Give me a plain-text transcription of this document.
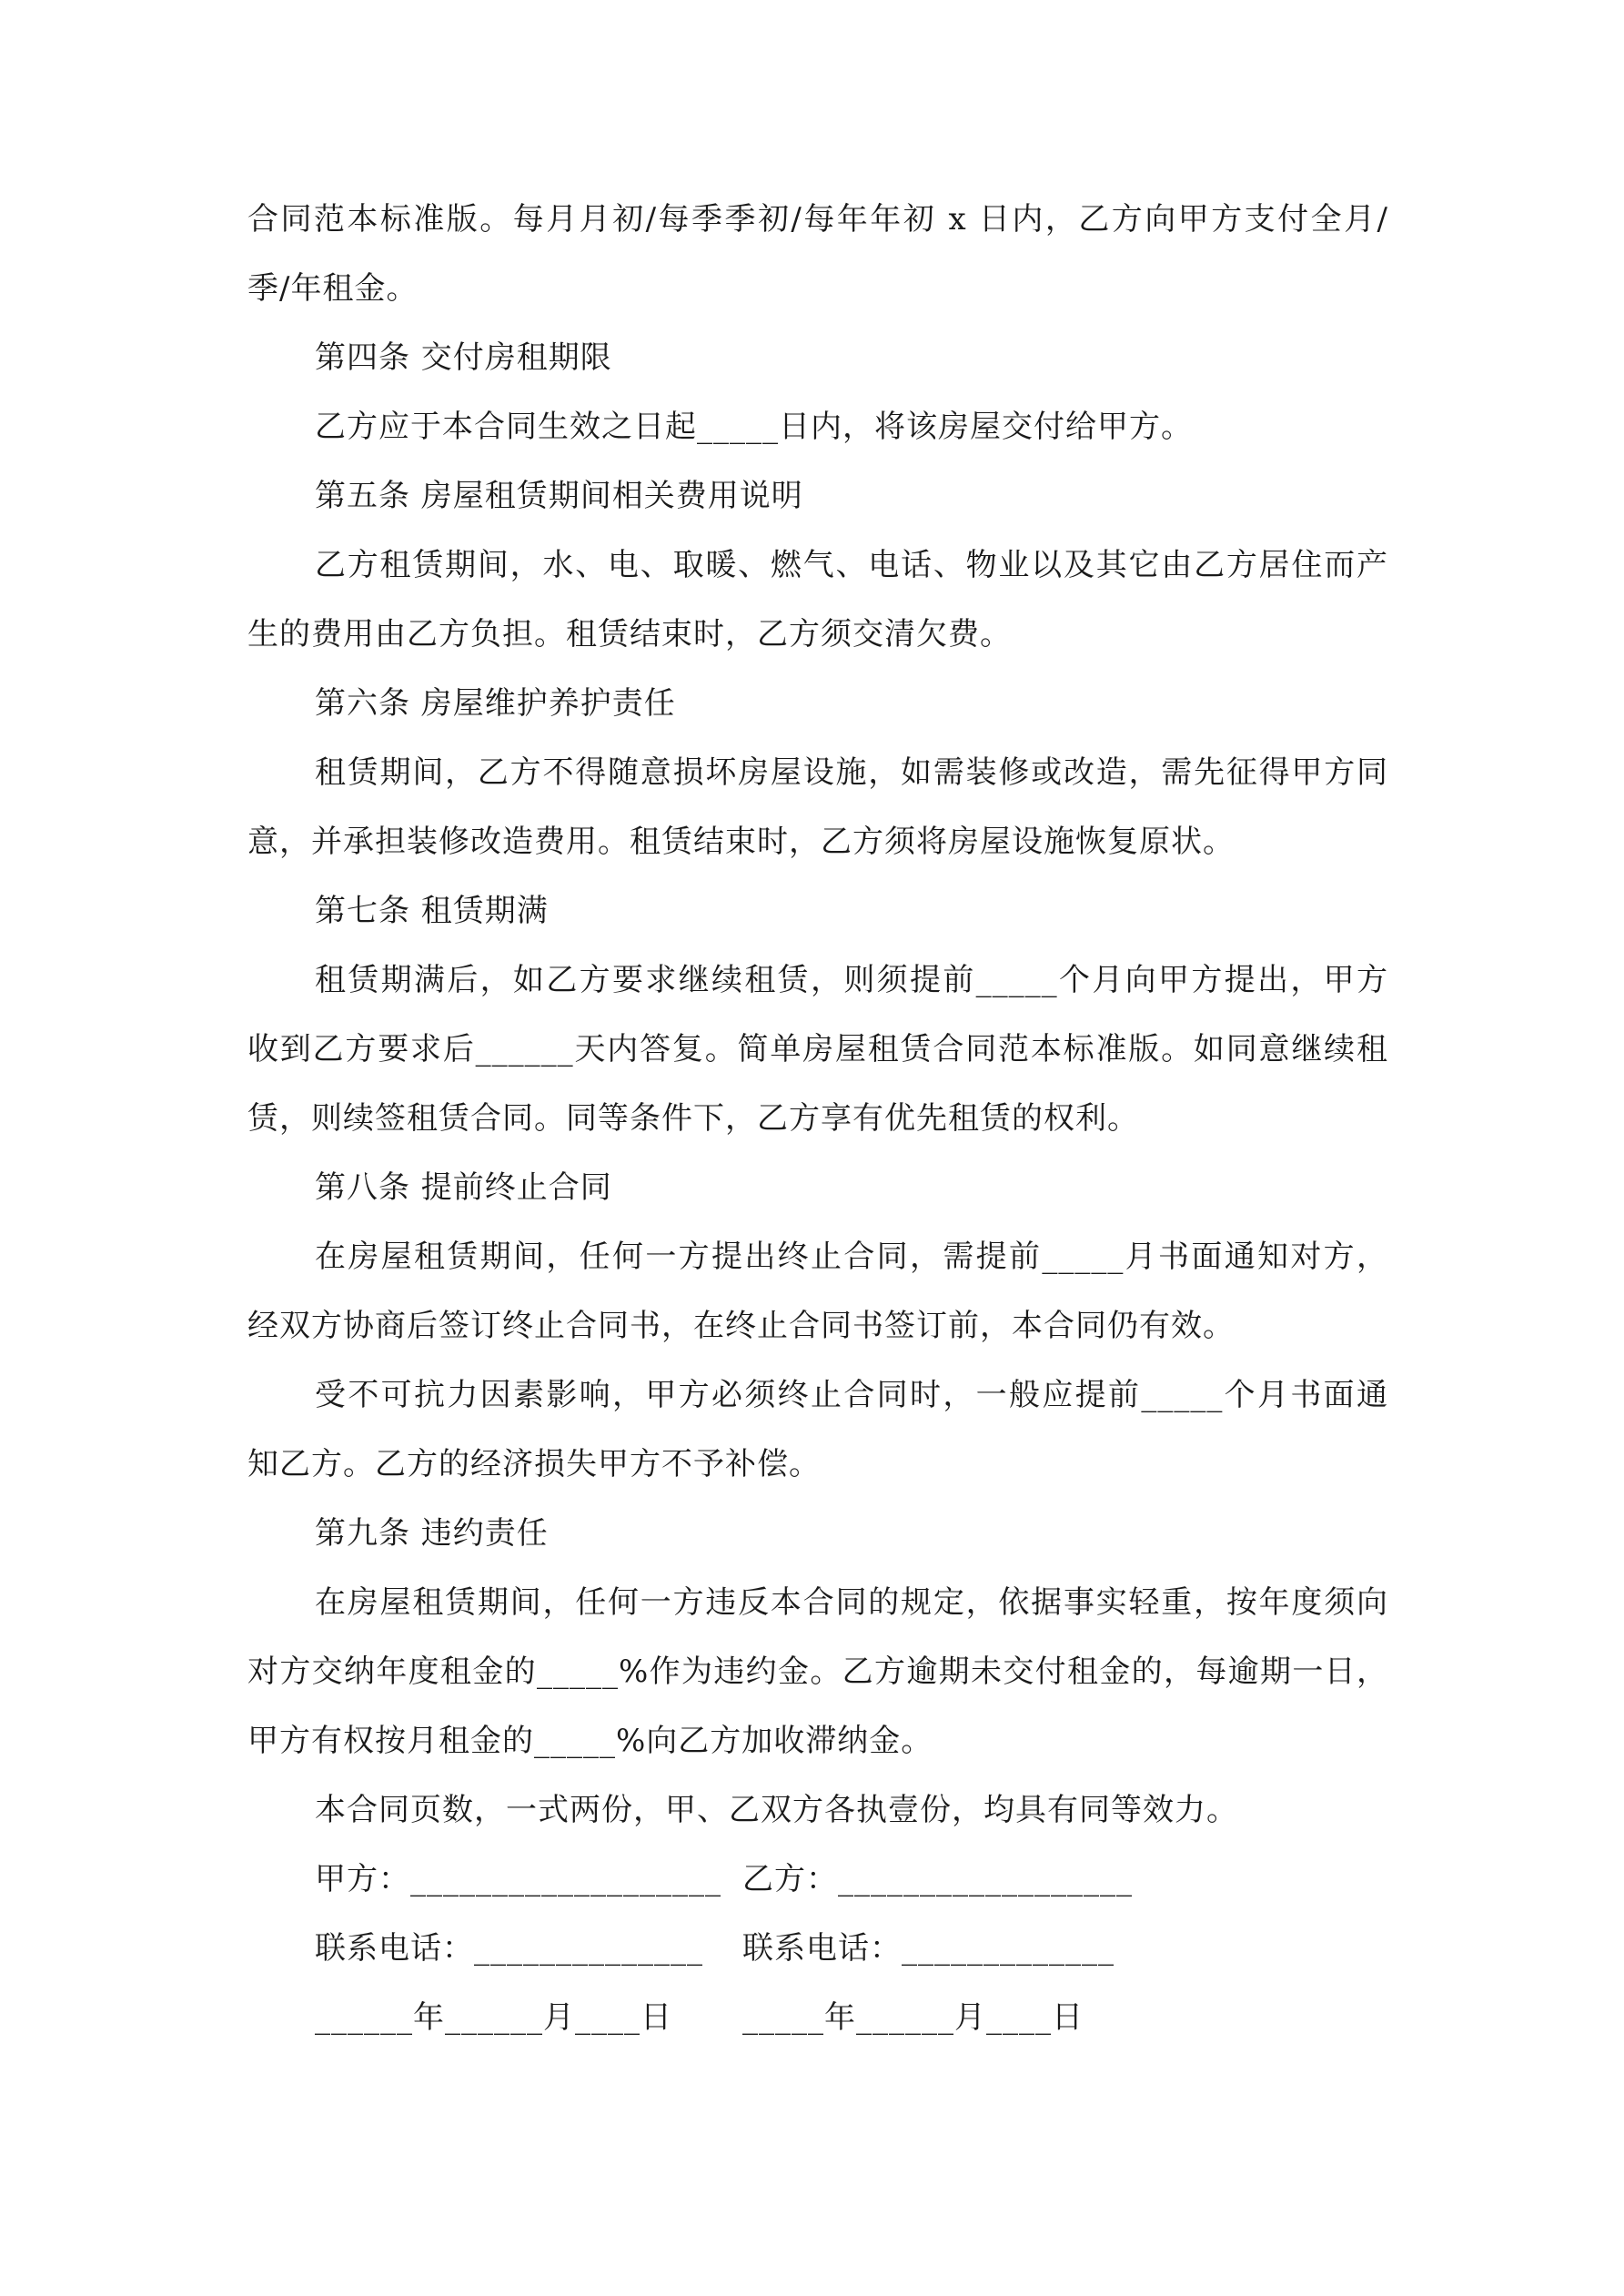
合同范本标准版。每月月初/每季季初/每年年初 x 日内，乙方向甲方支付全月/
季/年租金。
第四条 交付房租期限
乙方应于本合同生效之日起_____日内，将该房屋交付给甲方。
第五条 房屋租赁期间相关费用说明
乙方租赁期间，水、电、取暖、燃气、电话、物业以及其它由乙方居住而产
生的费用由乙方负担。租赁结束时，乙方须交清欠费。
第六条 房屋维护养护责任
租赁期间，乙方不得随意损坏房屋设施，如需装修或改造，需先征得甲方同
意，并承担装修改造费用。租赁结束时，乙方须将房屋设施恢复原状。
第七条 租赁期满
租赁期满后，如乙方要求继续租赁，则须提前_____个月向甲方提出，甲方
收到乙方要求后______天内答复。简单房屋租赁合同范本标准版。如同意继续租
赁，则续签租赁合同。同等条件下，乙方享有优先租赁的权利。
第八条 提前终止合同
在房屋租赁期间，任何一方提出终止合同，需提前_____月书面通知对方，
经双方协商后签订终止合同书，在终止合同书签订前，本合同仍有效。
受不可抗力因素影响，甲方必须终止合同时，一般应提前_____个月书面通
知乙方。乙方的经济损失甲方不予补偿。
第九条 违约责任
在房屋租赁期间，任何一方违反本合同的规定，依据事实轻重，按年度须向
对方交纳年度租金的_____%作为违约金。乙方逾期未交付租金的，每逾期一日，
甲方有权按月租金的_____%向乙方加收滞纳金。
本合同页数，一式两份，甲、乙双方各执壹份，均具有同等效力。
甲方：___________________ 乙方：__________________
联系电话：______________ 联系电话：_____________
______年______月____日 _____年______月____日
